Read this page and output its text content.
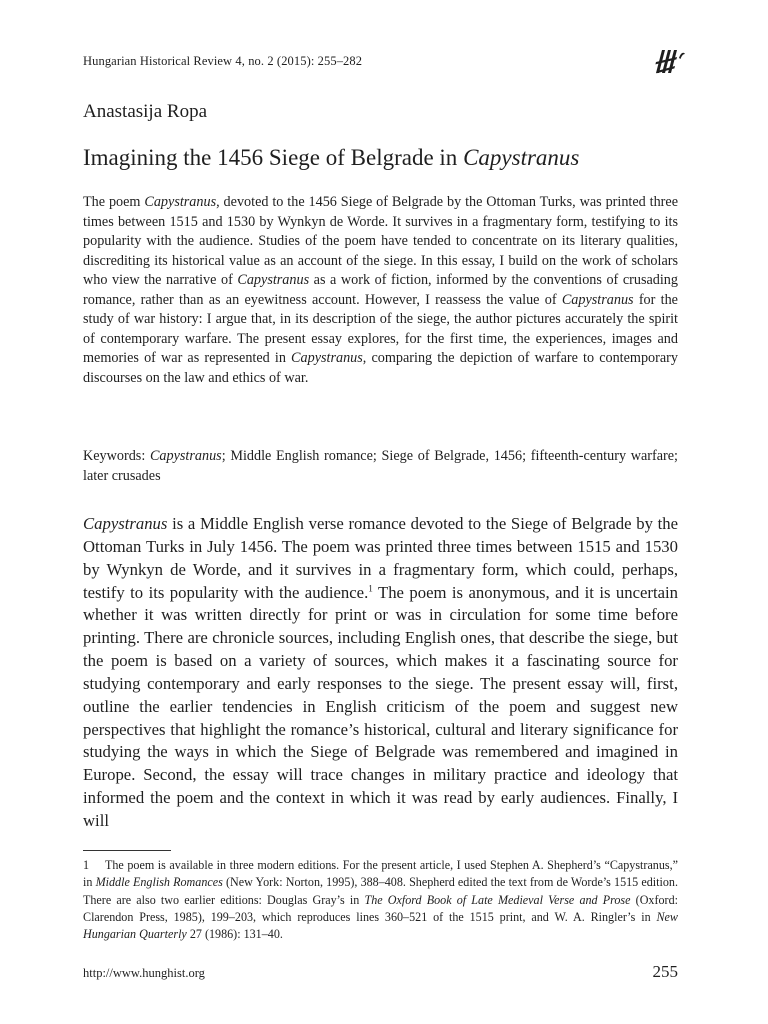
Hungarian Historical Review 4, no. 2 (2015): 255–282
Anastasija Ropa
Imagining the 1456 Siege of Belgrade in Capystranus
The poem Capystranus, devoted to the 1456 Siege of Belgrade by the Ottoman Turks, was printed three times between 1515 and 1530 by Wynkyn de Worde. It survives in a fragmentary form, testifying to its popularity with the audience. Studies of the poem have tended to concentrate on its literary qualities, discrediting its historical value as an account of the siege. In this essay, I build on the work of scholars who view the narrative of Capystranus as a work of fiction, informed by the conventions of crusading romance, rather than as an eyewitness account. However, I reassess the value of Capystranus for the study of war history: I argue that, in its description of the siege, the author pictures accurately the spirit of contemporary warfare. The present essay explores, for the first time, the experiences, images and memories of war as represented in Capystranus, comparing the depiction of warfare to contemporary discourses on the law and ethics of war.
Keywords: Capystranus; Middle English romance; Siege of Belgrade, 1456; fifteenth-century warfare; later crusades
Capystranus is a Middle English verse romance devoted to the Siege of Belgrade by the Ottoman Turks in July 1456. The poem was printed three times between 1515 and 1530 by Wynkyn de Worde, and it survives in a fragmentary form, which could, perhaps, testify to its popularity with the audience.$^1$ The poem is anonymous, and it is uncertain whether it was written directly for print or was in circulation for some time before printing. There are chronicle sources, including English ones, that describe the siege, but the poem is based on a variety of sources, which makes it a fascinating source for studying contemporary and early responses to the siege. The present essay will, first, outline the earlier tendencies in English criticism of the poem and suggest new perspectives that highlight the romance’s historical, cultural and literary significance for studying the ways in which the Siege of Belgrade was remembered and imagined in Europe. Second, the essay will trace changes in military practice and ideology that informed the poem and the context in which it was read by early audiences. Finally, I will
1 The poem is available in three modern editions. For the present article, I used Stephen A. Shepherd’s “Capystranus,” in Middle English Romances (New York: Norton, 1995), 388–408. Shepherd edited the text from de Worde’s 1515 edition. There are also two earlier editions: Douglas Gray’s in The Oxford Book of Late Medieval Verse and Prose (Oxford: Clarendon Press, 1985), 199–203, which reproduces lines 360–521 of the 1515 print, and W. A. Ringler’s in New Hungarian Quarterly 27 (1986): 131–40.
http://www.hunghist.org	255
